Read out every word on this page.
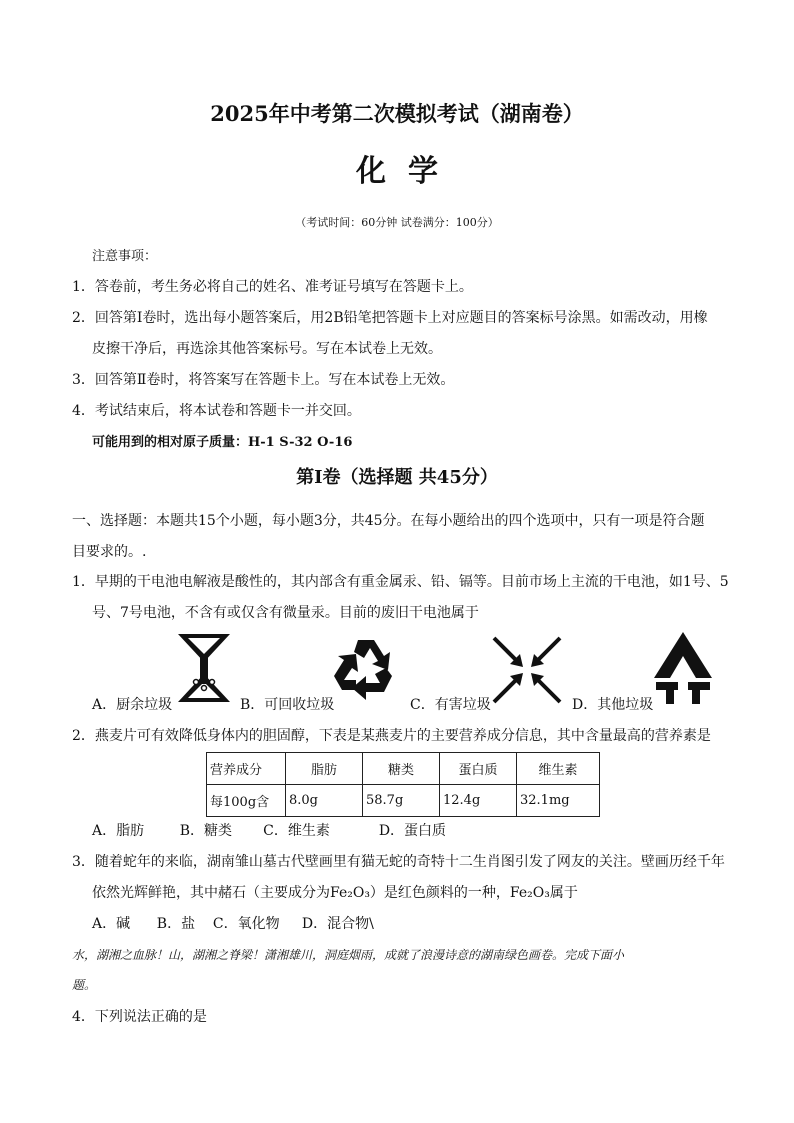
2025年中考第二次模拟考试（湖南卷）
化学
（考试时间：60分钟 试卷满分：100分）
注意事项：
1．答卷前，考生务必将自己的姓名、准考证号填写在答题卡上。
2．回答第Ⅰ卷时，选出每小题答案后，用2B铅笔把答题卡上对应题目的答案标号涂黑。如需改动，用橡
皮擦干净后，再选涂其他答案标号。写在本试卷上无效。
3．回答第Ⅱ卷时，将答案写在答题卡上。写在本试卷上无效。
4．考试结束后，将本试卷和答题卡一并交回。
可能用到的相对原子质量：H-1 S-32 O-16
第Ⅰ卷（选择题 共45分）
一、选择题：本题共15个小题，每小题3分，共45分。在每小题给出的四个选项中，只有一项是符合题
目要求的。.
1．早期的干电池电解液是酸性的，其内部含有重金属汞、铅、镉等。目前市场上主流的干电池，如1号、5
号、7号电池，不含有或仅含有微量汞。目前的废旧干电池属于
A．厨余垃圾	B．可回收垃圾	C．有害垃圾	D．其他垃圾
2．燕麦片可有效降低身体内的胆固醇，下表是某燕麦片的主要营养成分信息，其中含量最高的营养素是
营养成分	脂肪	糖类	蛋白质	维生素
每100g含	8.0g	58.7g	12.4g	32.1mg
A．脂肪        B．糖类       C．维生素           D．蛋白质
3．随着蛇年的来临，湖南雏山墓古代壁画里有猫无蛇的奇特十二生肖图引发了网友的关注。壁画历经千年
依然光辉鲜艳，其中赭石（主要成分为Fe₂O₃）是红色颜料的一种，Fe₂O₃属于
A．碱      B．盐    C．氧化物     D．混合物\
水，湖湘之血脉！山，湖湘之脊梁！潇湘雄川，洞庭烟雨，成就了浪漫诗意的湖南绿色画卷。完成下面小
题。
4．下列说法正确的是
